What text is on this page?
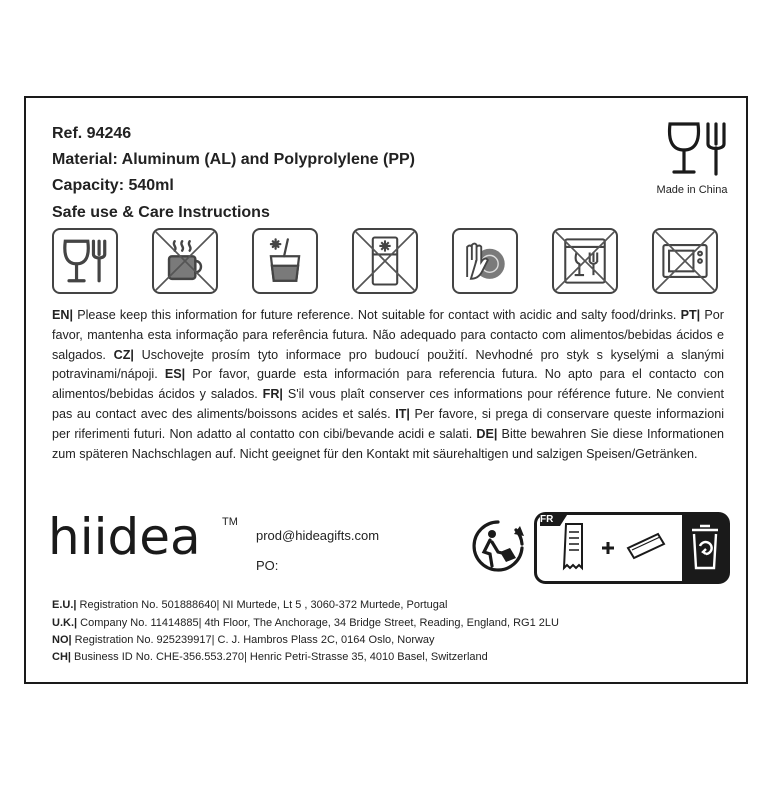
Ref. 94246
Material: Aluminum (AL) and Polyprolylene (PP)
Capacity: 540ml
Safe use & Care Instructions
Made in China
EN| Please keep this information for future reference. Not suitable for contact with acidic and salty food/drinks. PT| Por favor, mantenha esta informação para referência futura. Não adequado para contacto com alimentos/bebidas ácidos e salgados. CZ| Uschovejte prosím tyto informace pro budoucí použití. Nevhodné pro styk s kyselými a slanými potravinami/nápoji. ES| Por favor, guarde esta información para referencia futura. No apto para el contacto con alimentos/bebidas ácidos y salados. FR| S'il vous plaît conserver ces informations pour référence future. Ne convient pas au contact avec des aliments/boissons acides et salés. IT| Per favore, si prega di conservare queste informazioni per riferimenti futuri. Non adatto al contatto con cibi/bevande acidi e salati. DE| Bitte bewahren Sie diese Informationen zum späteren Nachschlagen auf. Nicht geeignet für den Kontakt mit säurehaltigen und salzigen Speisen/Getränken.
hiidea TM
prod@hideagifts.com
PO:
E.U.| Registration No. 501888640| NI Murtede, Lt 5 , 3060-372 Murtede, Portugal
U.K.| Company No. 11414885| 4th Floor, The Anchorage, 34 Bridge Street, Reading, England, RG1 2LU
NO| Registration No. 925239917| C. J. Hambros Plass 2C, 0164 Oslo, Norway
CH| Business ID No. CHE-356.553.270| Henric Petri-Strasse 35, 4010 Basel, Switzerland
FR
